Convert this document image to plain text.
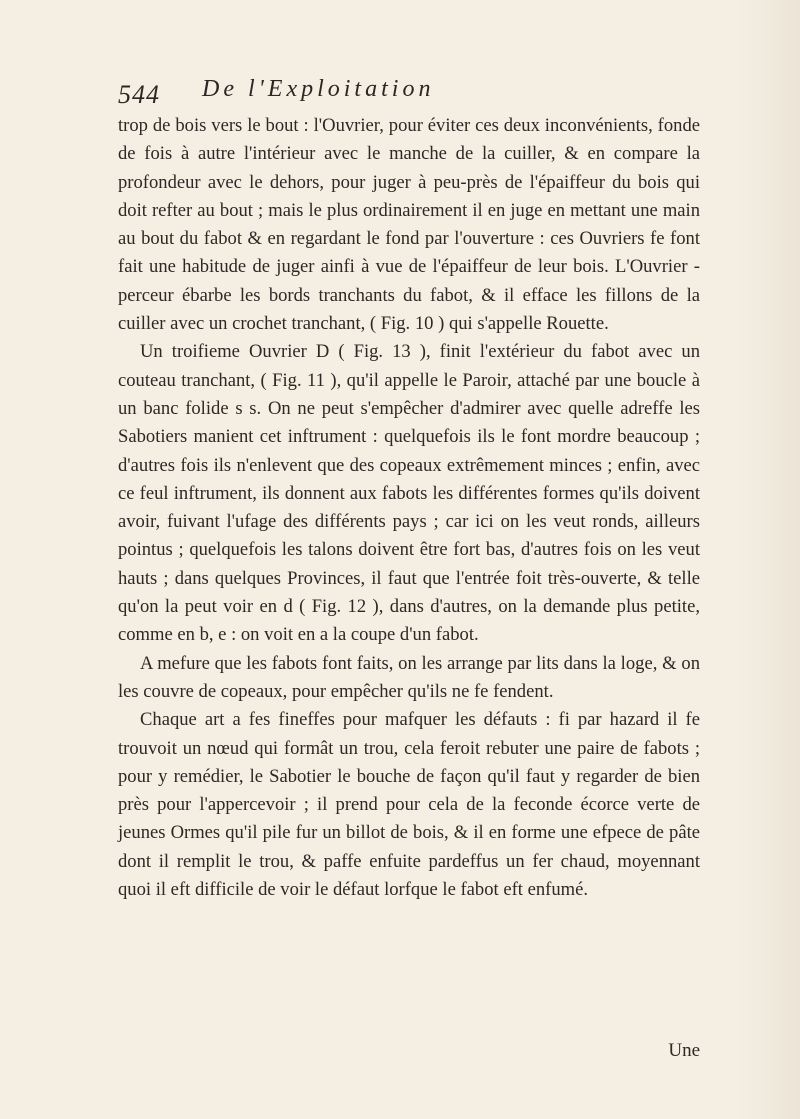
544 De l'Exploitation

trop de bois vers le bout : l'Ouvrier, pour éviter ces deux inconvénients, fonde de fois à autre l'intérieur avec le manche de la cuiller, & en compare la profondeur avec le dehors, pour juger à peu-près de l'épaiffeur du bois qui doit refter au bout ; mais le plus ordinairement il en juge en mettant une main au bout du fabot & en regardant le fond par l'ouverture : ces Ouvriers fe font fait une habitude de juger ainfi à vue de l'épaiffeur de leur bois. L'Ouvrier - perceur ébarbe les bords tranchants du fabot, & il efface les fillons de la cuiller avec un crochet tranchant, ( Fig. 10 ) qui s'appelle Rouette.

Un troifieme Ouvrier D ( Fig. 13 ), finit l'extérieur du fabot avec un couteau tranchant, ( Fig. 11 ), qu'il appelle le Paroir, attaché par une boucle à un banc folide s s. On ne peut s'empêcher d'admirer avec quelle adreffe les Sabotiers manient cet inftrument : quelquefois ils le font mordre beaucoup ; d'autres fois ils n'enlevent que des copeaux extrêmement minces ; enfin, avec ce feul inftrument, ils donnent aux fabots les différentes formes qu'ils doivent avoir, fuivant l'ufage des différents pays ; car ici on les veut ronds, ailleurs pointus ; quelquefois les talons doivent être fort bas, d'autres fois on les veut hauts ; dans quelques Provinces, il faut que l'entrée foit très-ouverte, & telle qu'on la peut voir en d ( Fig. 12 ), dans d'autres, on la demande plus petite, comme en b, e : on voit en a la coupe d'un fabot.

A mefure que les fabots font faits, on les arrange par lits dans la loge, & on les couvre de copeaux, pour empêcher qu'ils ne fe fendent.

Chaque art a fes fineffes pour mafquer les défauts : fi par hazard il fe trouvoit un nœud qui formât un trou, cela feroit rebuter une paire de fabots ; pour y remédier, le Sabotier le bouche de façon qu'il faut y regarder de bien près pour l'appercevoir ; il prend pour cela de la feconde écorce verte de jeunes Ormes qu'il pile fur un billot de bois, & il en forme une efpece de pâte dont il remplit le trou, & paffe enfuite pardeffus un fer chaud, moyennant quoi il eft difficile de voir le défaut lorfque le fabot eft enfumé.

Une
